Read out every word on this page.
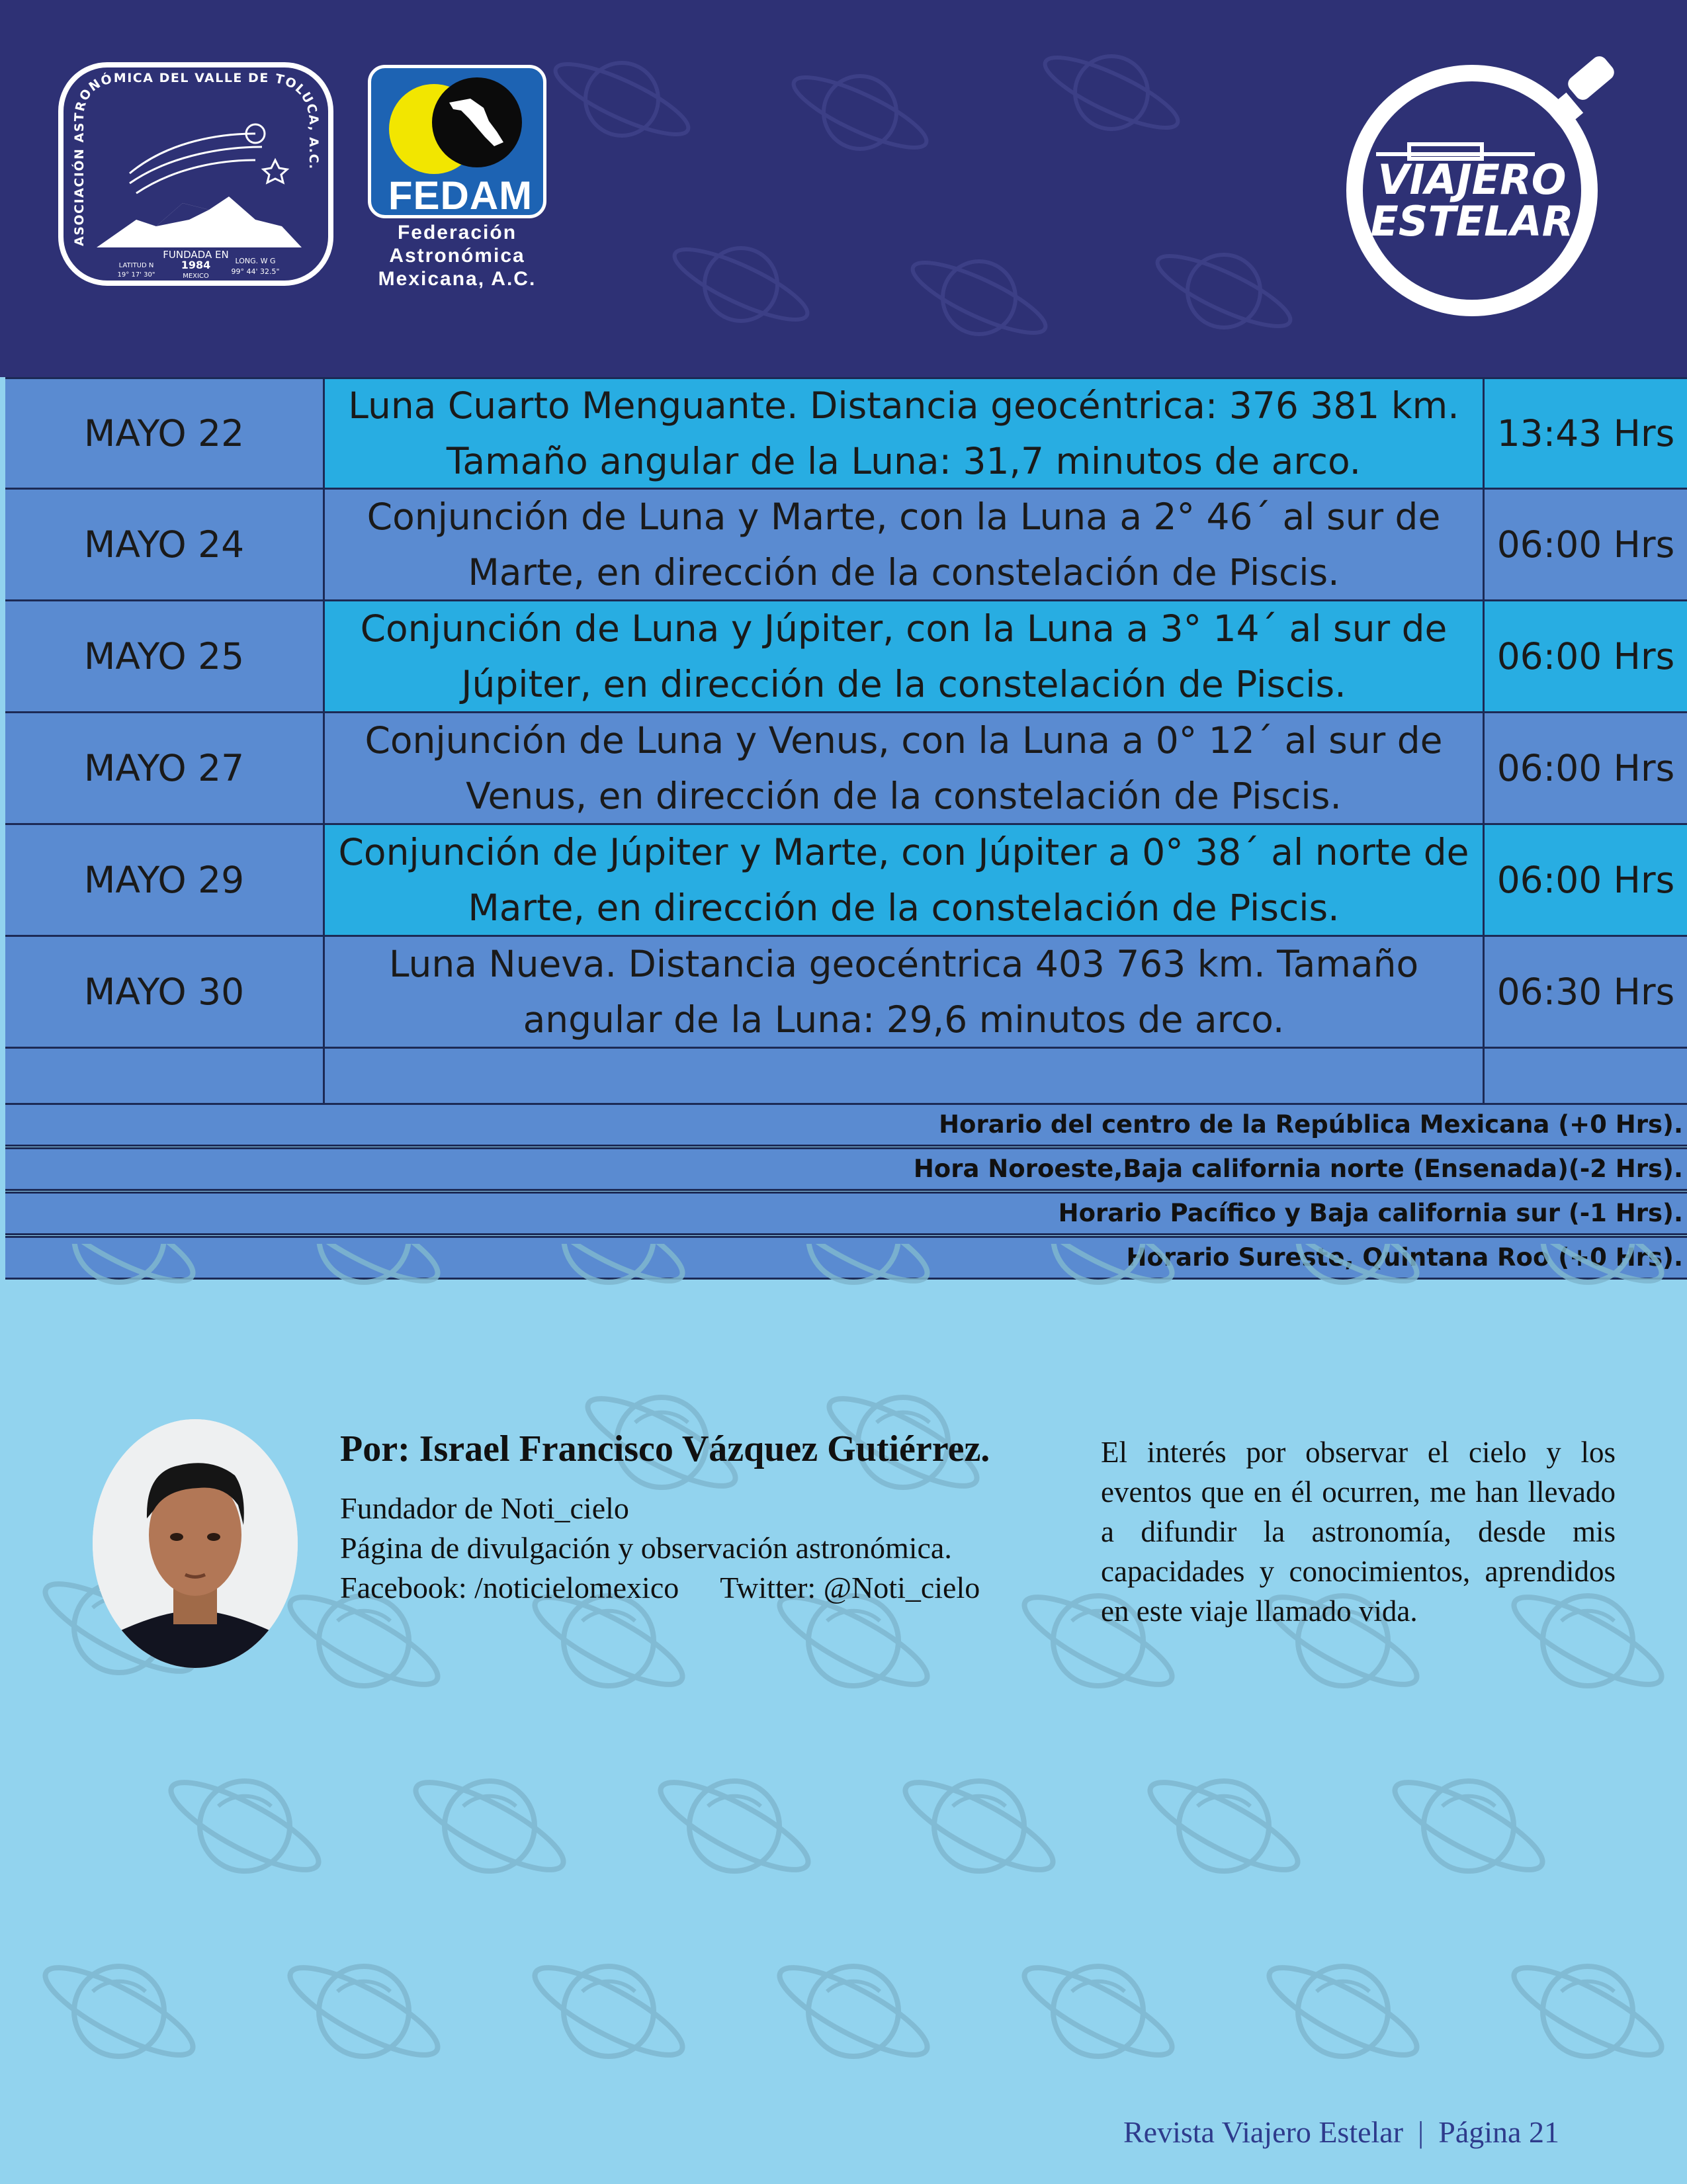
ASOCIACIÓN ASTRONÓMICA DEL VALLE DE TOLUCA, A.C.
FUNDADA EN
1984
MEXICO
LATITUD N
19° 17' 30"
LONG. W G
99° 44' 32.5"
FEDAM
Federación
Astronómica
Mexicana, A.C.
VIAJERO
ESTELAR
MAYO 22
Luna Cuarto Menguante. Distancia geocéntrica: 376 381 km. Tamaño angular de la Luna: 31,7 minutos de arco.
13:43 Hrs
MAYO 24
Conjunción de Luna y Marte, con la Luna a 2° 46´ al sur de Marte, en dirección de la constelación de Piscis.
06:00 Hrs
MAYO 25
Conjunción de Luna y Júpiter, con la Luna a 3° 14´ al sur de Júpiter, en dirección de la constelación de Piscis.
06:00 Hrs
MAYO 27
Conjunción de Luna y Venus, con la Luna a 0° 12´ al sur de Venus, en dirección de la constelación de Piscis.
06:00 Hrs
MAYO 29
Conjunción de Júpiter y Marte, con Júpiter a 0° 38´ al norte de Marte, en dirección de la constelación de Piscis.
06:00 Hrs
MAYO 30
Luna Nueva. Distancia geocéntrica 403 763 km. Tamaño angular de la Luna: 29,6 minutos de arco.
06:30 Hrs
Horario del centro de la República Mexicana (+0 Hrs).
Hora Noroeste,Baja california norte (Ensenada)(-2 Hrs).
Horario Pacífico y Baja california sur (-1 Hrs).
Horario Sureste, Quintana Roo (+0 Hrs).
Por: Israel Francisco Vázquez Gutiérrez.
Fundador de Noti_cielo
Página de divulgación y observación astronómica.
Facebook: /noticielomexico Twitter: @Noti_cielo
El interés por observar el cielo y los eventos que en él ocurren, me han llevado a difundir la astronomía, desde mis capacidades y conocimientos, aprendidos en este viaje llamado vida.
Revista Viajero Estelar | Página 21
